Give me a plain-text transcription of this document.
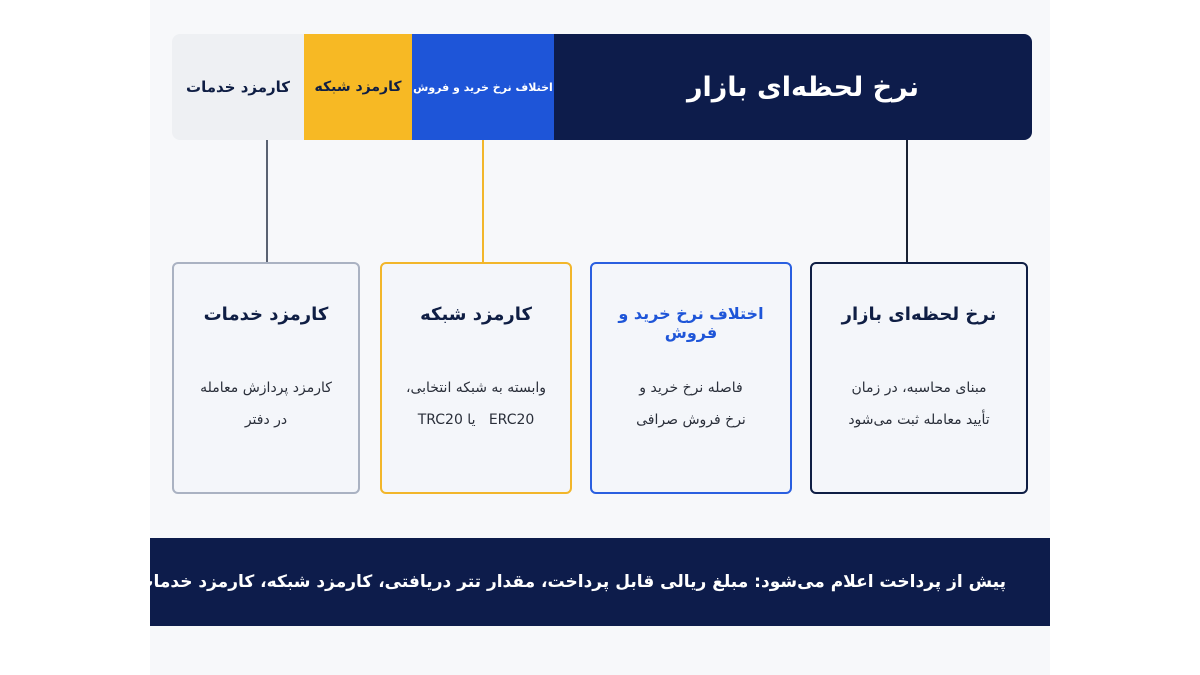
کارمزد خدمات کارمزد شبکه اختلاف نرخ خرید و فروش	نرخ لحظه‌ای بازار
کارمزد خدمات
کارمزد پردازش معامله
در دفتر
کارمزد شبکه
وابسته به شبکه انتخابی،
ERC20   یا TRC20
اختلاف نرخ خرید و فروش
فاصله نرخ خرید و
نرخ فروش صرافی
نرخ لحظه‌ای بازار
مبنای محاسبه، در زمان
تأیید معامله ثبت می‌شود
پیش از پرداخت اعلام می‌شود: مبلغ ریالی قابل پرداخت، مقدار تتر دریافتی، کارمزد شبکه، کارمزد خدمات
